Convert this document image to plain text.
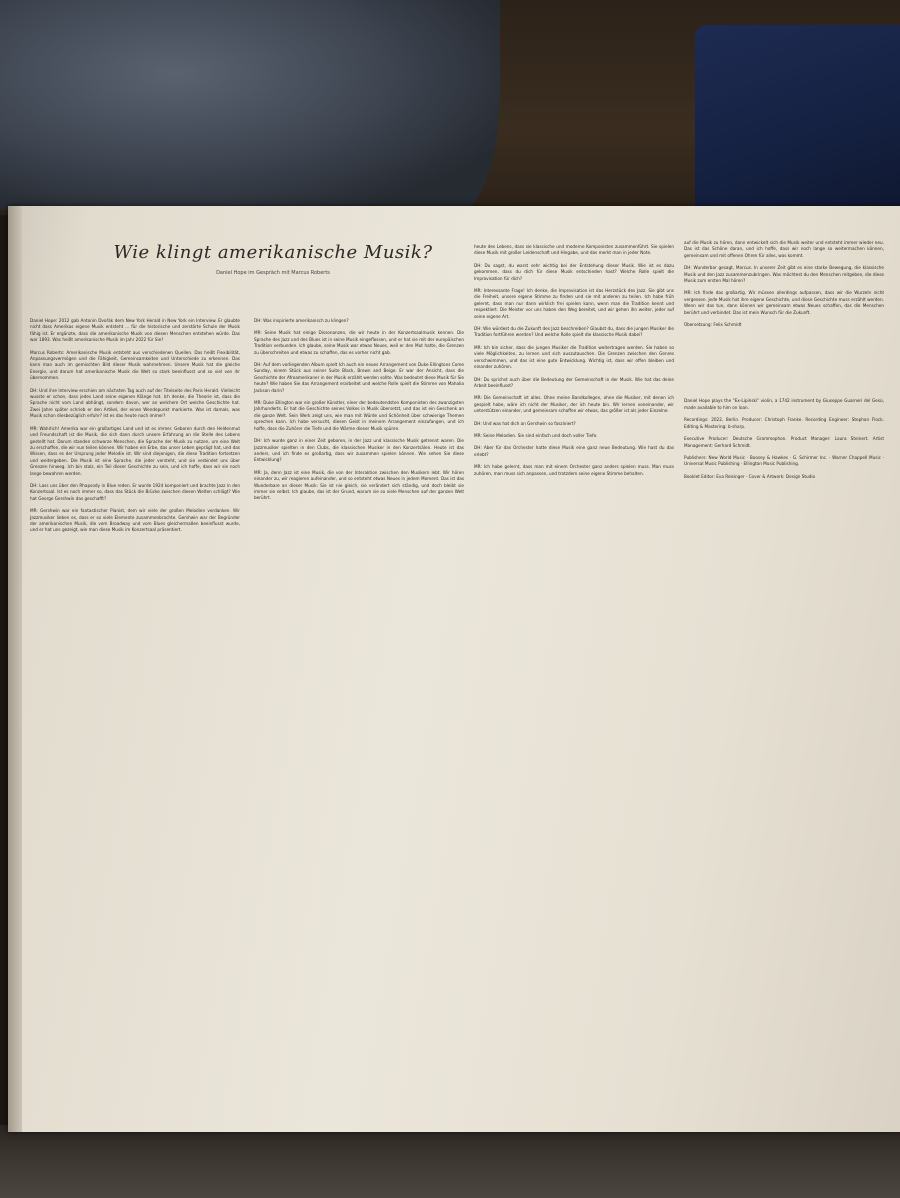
Wie klingt amerikanische Musik?
Daniel Hope im Gespräch mit Marcus Roberts

Daniel Hope: 2012 gab Antonín Dvořák dem New York Herald in New York ein Interview. Er glaubte nicht dass Amerikas eigene Musik entsteht ... für die historische und zerstörte Schule der Musik fähig ist. Er ergänzte, dass die amerikanische Musik von diesen Menschen entstehen würde. Das war 1893. Was heißt amerikanische Musik im Jahr 2022 für Sie?

Marcus Roberts: Amerikanische Musik entsteht aus verschiedenen Quellen. Das heißt Flexibilität, Anpassungsvermögen und die Fähigkeit, Gemeinsamkeiten und Unterschiede zu erkennen. Das kann man auch im gemischten Bild dieser Musik wahrnehmen. Unsere Musik hat die gleiche Energie, und darum hat amerikanische Musik die Welt so stark beeinflusst und so viel von ihr übernommen.

DH: Und ihre Interview erschien am nächsten Tag auch auf der Titelseite des Paris Herald. Vielleicht wusste er schon, dass jedes Land seine eigenen Klänge hat. Ich denke, die Theorie ist, dass die Sprache nicht vom Land abhängt, sondern davon, wer an welchem Ort welche Geschichte hat. Zwei Jahre später schrieb er den Artikel, der einen Wendepunkt markierte. Was ist damals, was Musik schon diesbezüglich erfuhr? Ist es das heute noch immer?

MR: Wahrlich! Amerika war ein großartiges Land und ist es immer. Geboren durch den Heldenmut und Freundschaft ist die Musik, die sich dann durch unsere Erfahrung an die Stelle des Lebens gestellt hat. Darum standen schwarze Menschen, die Sprache der Musik zu nutzen, um eine Welt zu erschaffen, die wir nun teilen können. Wir haben ein Erbe, das unser Leben geprägt hat, und das Wissen, dass es der Ursprung jeder Melodie ist. Wir sind diejenigen, die diese Tradition fortsetzen und weitergeben. Die Musik ist eine Sprache, die jeder versteht, und sie verbindet uns über Grenzen hinweg. Ich bin stolz, ein Teil dieser Geschichte zu sein, und ich hoffe, dass wir sie noch lange bewahren werden.

DH: Lass uns über den Rhapsody in Blue reden. Er wurde 1924 komponiert und brachte Jazz in den Konzertsaal. Ist es noch immer so, dass das Stück die Brücke zwischen diesen Welten schlägt? Wie hat George Gershwin das geschafft?

MR: Gershwin war ein fantastischer Pianist, dem wir viele der großen Melodien verdanken. Wir Jazzmusiker lieben es, dass er so viele Elemente zusammenbrachte. Gershwin war der Begründer der amerikanischen Musik, die vom Broadway und vom Blues gleichermaßen beeinflusst wurde, und er hat uns gezeigt, wie man diese Musik im Konzertsaal präsentiert.

DH: Was inspirierte amerikanisch zu klingen?

MR: Seine Musik hat einige Dissonanzen, die wir heute in der Konzertsaalmusik kennen. Die Sprache des Jazz und des Blues ist in seine Musik eingeflossen, und er hat sie mit der europäischen Tradition verbunden. Ich glaube, seine Musik war etwas Neues, weil er den Mut hatte, die Grenzen zu überschreiten und etwas zu schaffen, das es vorher nicht gab.

DH: Auf dem vorliegenden Album spielt Ich auch ein neues Arrangement von Duke Ellingtons Come Sunday, einem Stück aus seiner Suite Black, Brown and Beige. Er war der Ansicht, dass die Geschichte der Afroamerikaner in der Musik erzählt werden sollte. Was bedeutet diese Musik für Sie heute? Wie haben Sie das Arrangement erarbeitet und welche Rolle spielt die Stimme von Mahalia Jackson darin?

MR: Duke Ellington war ein großer Künstler, einer der bedeutendsten Komponisten des zwanzigsten Jahrhunderts. Er hat die Geschichte seines Volkes in Musik übersetzt, und das ist ein Geschenk an die ganze Welt. Sein Werk zeigt uns, wie man mit Würde und Schönheit über schwierige Themen sprechen kann. Ich habe versucht, diesen Geist in meinem Arrangement einzufangen, und ich hoffe, dass die Zuhörer die Tiefe und die Wärme dieser Musik spüren.

DH: Ich wurde ganz in einer Zeit geboren, in der Jazz und klassische Musik getrennt waren. Die Jazzmusiker spielten in den Clubs, die klassischen Musiker in den Konzertsälen. Heute ist das anders, und ich finde es großartig, dass wir zusammen spielen können. Wie sehen Sie diese Entwicklung?

MR: Ja, denn Jazz ist eine Musik, die von der Interaktion zwischen den Musikern lebt. Wir hören einander zu, wir reagieren aufeinander, und so entsteht etwas Neues in jedem Moment. Das ist das Wunderbare an dieser Musik: Sie ist nie gleich, sie verändert sich ständig, und doch bleibt sie immer sie selbst. Ich glaube, das ist der Grund, warum sie so viele Menschen auf der ganzen Welt berührt.

heute des Lebens, dass sie klassische und moderne Komponisten zusammenführt. Sie spielen diese Musik mit großer Leidenschaft und Hingabe, und das merkt man in jeder Note.

DH: Du sagst, du warst sehr wichtig bei der Entstehung dieser Musik. Wie ist es dazu gekommen, dass du dich für diese Musik entschieden hast? Welche Rolle spielt die Improvisation für dich?

MR: Interessante Frage! Ich denke, die Improvisation ist das Herzstück des Jazz. Sie gibt uns die Freiheit, unsere eigene Stimme zu finden und sie mit anderen zu teilen. Ich habe früh gelernt, dass man nur dann wirklich frei spielen kann, wenn man die Tradition kennt und respektiert. Die Meister vor uns haben den Weg bereitet, und wir gehen ihn weiter, jeder auf seine eigene Art.

DH: Wie würdest du die Zukunft des Jazz beschreiben? Glaubst du, dass die jungen Musiker die Tradition fortführen werden? Und welche Rolle spielt die klassische Musik dabei?

MR: Ich bin sicher, dass die jungen Musiker die Tradition weitertragen werden. Sie haben so viele Möglichkeiten, zu lernen und sich auszutauschen. Die Grenzen zwischen den Genres verschwimmen, und das ist eine gute Entwicklung. Wichtig ist, dass wir offen bleiben und einander zuhören.

DH: Du sprichst auch über die Bedeutung der Gemeinschaft in der Musik. Wie hat das deine Arbeit beeinflusst?

MR: Die Gemeinschaft ist alles. Ohne meine Bandkollegen, ohne die Musiker, mit denen ich gespielt habe, wäre ich nicht der Musiker, der ich heute bin. Wir lernen voneinander, wir unterstützen einander, und gemeinsam schaffen wir etwas, das größer ist als jeder Einzelne.

DH: Und was hat dich an Gershwin so fasziniert?

MR: Seine Melodien. Sie sind einfach und doch voller Tiefe.

DH: Aber für das Orchester hatte diese Musik eine ganz neue Bedeutung. Wie hast du das erlebt?

MR: Ich habe gelernt, dass man mit einem Orchester ganz anders spielen muss. Man muss zuhören, man muss sich anpassen, und trotzdem seine eigene Stimme behalten.

auf die Musik zu hören, dann entwickelt sich die Musik weiter und entsteht immer wieder neu. Das ist das Schöne daran, und ich hoffe, dass wir noch lange so weitermachen können, gemeinsam und mit offenen Ohren für alles, was kommt.

DH: Wunderbar gesagt, Marcus. In unserer Zeit gibt es eine starke Bewegung, die klassische Musik und den Jazz zusammenzubringen. Was möchtest du den Menschen mitgeben, die diese Musik zum ersten Mal hören?

MR: Ich finde das großartig. Wir müssen allerdings aufpassen, dass wir die Wurzeln nicht vergessen. Jede Musik hat ihre eigene Geschichte, und diese Geschichte muss erzählt werden. Wenn wir das tun, dann können wir gemeinsam etwas Neues schaffen, das die Menschen berührt und verbindet. Das ist mein Wunsch für die Zukunft.

Übersetzung: Felix Schmidt

Daniel Hope plays the "Ex-Lipiński" violin, a 1742 instrument by Giuseppe Guarneri del Gesù, made available to him on loan.

Recordings: 2022, Berlin. Producer: Christoph Franke. Recording Engineer: Stephan Flock. Editing & Mastering: b-sharp.

Executive Producer: Deutsche Grammophon. Product Manager: Laura Steinert. Artist Management: Gerhard Schmidt.

Publishers: New World Music · Boosey & Hawkes · G. Schirmer Inc. · Warner Chappell Music · Universal Music Publishing · Ellington Music Publishing.

Booklet Editor: Eva Reisinger · Cover & Artwork: Design Studio
